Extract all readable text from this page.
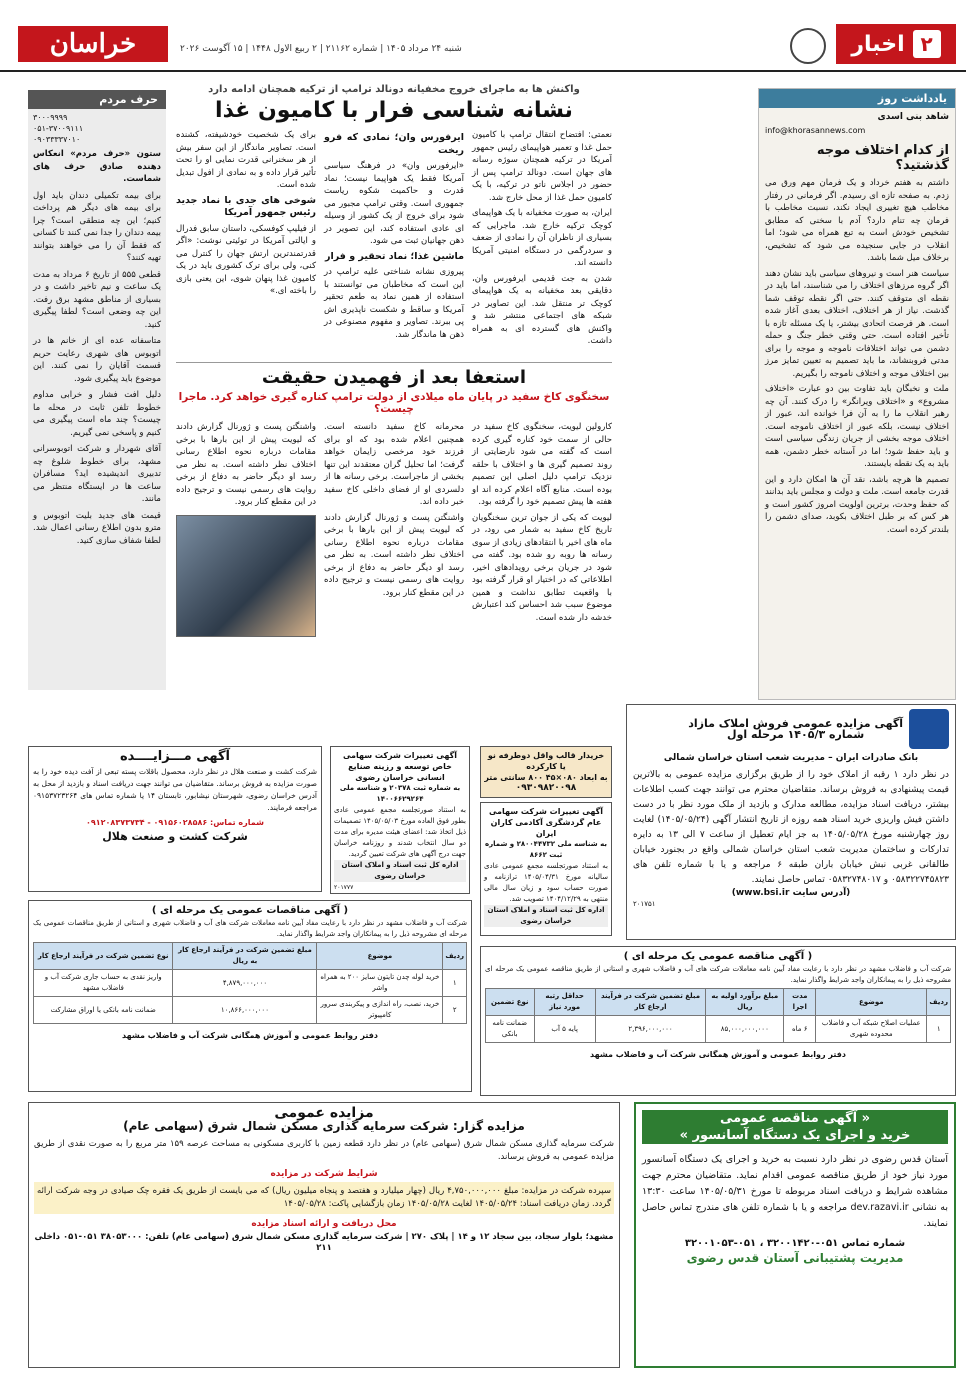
۲
اخبار
خراسان	شنبه ۲۴ مرداد ۱۴۰۵ | شماره ۲۱۱۶۲ | ۲ ربیع الاول ۱۴۴۸ | ۱۵ آگوست ۲۰۲۶
یادداشت روز
شاهد بنی اسدی
info@khorasannews.com
از کدام اختلاف موجه گذشتید؟

داشتم به هفتم خرداد و یک فرمان مهم ورق می زدم. به صفحه تاز‌ه ای رسیدم. اگر فرمانی در رفتار مخاطب هیچ تغییری ایجاد نکند، نسبت مخاطب با فرمان چه تنام دارد؟ آدم با سخنی که مطابق تشخیص خودش است به تبع همراه می شود؛ اما انقلاب در جایی سنجیده می شود که تشخیص، برخلاف میل شما باشد.

سیاست هنر است و نیروهای سیاسی باید نشان دهند اگر گروه مرزهای اختلاف را می شناسند، اما باید در نقطه ای متوقف کنند. حتی اگر نقطه توقف شما گذشت. نیاز از هر اختلاف، اختلاف بعدی آغاز شده است. هر فرصت اتحادی بیشتر، یا یک مسئله تازه با تأخیر افتاده است. حتی وقتی خطر جنگ و حمله دشمن می تواند اختلافات ناموجه و موجه را برای مدتی فروبنشاند، ما باید تصمیم به تعیین تمایز مرز بین اختلاف موجه و اختلاف ناموجه را بگیریم.

ملت و نخبگان باید تفاوت بین دو عبارت «اختلاف مشروع» و «اختلاف ویرانگر» را درک کنند. آن چه رهبر انقلاب ما را به آن فرا خوانده اند، عبور از اختلاف نیست، بلکه عبور از اختلاف ناموجه است. اختلاف موجه بخشی از جریان زندگی سیاسی است و باید حفظ شود؛ اما در آستانه خطر دشمن، همه باید به یک نقطه بایستند.

تصمیم ها هرچه باشد، نقد آن ها امکان دارد و این قدرت جامعه است. ملت و دولت و مجلس باید بدانند که حفظ وحدت، برترین اولویت امروز کشور است و هر کس که بر طبل اختلاف بکوبد، صدای دشمن را بلندتر کرده است.

حرف مردم
۳۰۰۰۹۹۹۹
۰۵۱-۳۷۰۰۹۱۱۱
۰۹۰۳۳۳۳۷۰۱۰

ستون «حرف مردم» انعکاس دهنده صادق حرف های شماست.

برای بیمه تکمیلی دندان باید اول برای بیمه های دیگر هم پرداخت کنیم؛ این چه منطقی است؟ چرا بیمه دندان را جدا نمی کنند تا کسانی که فقط آن را می خواهند بتوانند تهیه کنند؟

قطعی ۵۵۵ از تاریخ ۶ مرداد به مدت یک ساعت و نیم تاخیر داشت و در بسیاری از مناطق مشهد برق رفت. این چه وضعی است؟ لطفا پیگیری کنید.

متاسفانه عده ای از خانم ها در اتوبوس های شهری رعایت حریم قسمت آقایان را نمی کنند. این موضوع باید پیگیری شود.

دلیل افت فشار و خرابی مداوم خطوط تلفن ثابت در محله ما چیست؟ چند ماه است پیگیری می کنیم و پاسخی نمی گیریم.

آقای شهردار و شرکت اتوبوسرانی مشهد، برای خطوط شلوغ چه تدبیری اندیشیده اید؟ مسافران ساعت ها در ایستگاه منتظر می مانند.

قیمت های جدید بلیت اتوبوس و مترو بدون اطلاع رسانی اعمال شد. لطفا شفاف سازی کنید.

واکنش ها به ماجرای خروج مخفیانه دونالد ترامپ از ترکیه همچنان ادامه دارد
نشانه شناسی فرار با کامیون غذا

نعمتی: افتضاح انتقال ترامپ با کامیون حمل غذا و تعمیر هواپیمای رئیس جمهور آمریکا در ترکیه همچنان سوژه رسانه های جهان است. دونالد ترامپ پس از حضور در اجلاس ناتو در ترکیه، با یک کامیون حمل غذا از محل خارج شد.

ایران، به صورت مخفیانه با یک هواپیمای کوچک ترکیه خارج شد. ماجرایی که بسیاری از ناظران آن را نمادی از ضعف و سردرگمی در دستگاه امنیتی آمریکا دانسته اند.

شدن به جت قدیمی ایرفورس وان، دقایقی بعد مخفیانه به یک هواپیمای کوچک تر منتقل شد. این تصاویر در شبکه های اجتماعی منتشر شد و واکنش های گسترده ای به همراه داشت.

ایرفورس وان؛ نمادی که فرو ریخت

«ایرفورس وان» در فرهنگ سیاسی آمریکا فقط یک هواپیما نیست؛ نماد قدرت و حاکمیت شکوه ریاست جمهوری است. وقتی ترامپ مجبور می شود برای خروج از یک کشور از وسیله ای عادی استفاده کند، این تصویر در ذهن جهانیان ثبت می شود.

ماشین غذا؛ نماد تحقیر و فرار

پیروزی نشانه شناختی علیه ترامپ در این است که مخاطبان می توانستند با استفاده از همین نماد به طعم تحقیر آمریکا و ساقط و شکست ناپذیری اش پی ببرند. تصاویر و مفهوم مصنوعی در ذهن ها ماندگار شد.

برای یک شخصیت خودشیفته، کشنده است. تصاویر ماندگار از این سفر بیش از هر سخنرانی قدرت نمایی او را تحت تأثیر قرار داده و به نمادی از افول تبدیل شده است.

شوخی های جدی با نماد جدید رئیس جمهور آمریکا

از فیلیپ کوفسکی، داستان سابق فدرال و ایالتی آمریکا در توئیتی نوشت: «اگر قدرتمندترین ارتش جهان را کنترل می کنی، ولی برای ترک کشوری باید در یک کامیون غذا پنهان شوی، این یعنی بازی را باخته ای.»

استعفا بعد از فهمیدن حقیقت
سخنگوی کاخ سفید در پایان ماه میلادی از دولت ترامپ کناره گیری خواهد کرد. ماجرا چیست؟

کارولین لیویت، سخنگوی کاخ سفید در حالی از سمت خود کناره گیری کرده است که گفته می شود نارضایتی از روند تصمیم گیری ها و اختلاف با حلقه نزدیک ترامپ دلیل اصلی این تصمیم بوده است. منابع آگاه اعلام کرده اند او هفته ها پیش تصمیم خود را گرفته بود.

لیویت که یکی از جوان ترین سخنگویان تاریخ کاخ سفید به شمار می رود، در ماه های اخیر با انتقادهای زیادی از سوی رسانه ها روبه رو شده بود. گفته می شود در جریان برخی رویدادهای اخیر، اطلاعاتی که در اختیار او قرار گرفته بود با واقعیت تطابق نداشت و همین موضوع سبب شد احساس کند اعتبارش خدشه دار شده است.

محرمانه کاخ سفید دانسته است. همچنین اعلام شده بود که او برای فرزند خود مرخصی زایمان خواهد گرفت؛ اما تحلیل گران معتقدند این تنها بخشی از ماجراست. برخی رسانه ها از دلسردی او از فضای داخلی کاخ سفید خبر داده اند.

واشنگتن پست و ژورنال گزارش دادند که لیویت پیش از این بارها با برخی مقامات درباره نحوه اطلاع رسانی اختلاف نظر داشته است. به نظر می رسد او دیگر حاضر به دفاع از برخی روایت های رسمی نیست و ترجیح داده در این مقطع کنار برود.

واشنگتن پست و ژورنال گزارش دادند که لیویت پیش از این بارها با برخی مقامات درباره نحوه اطلاع رسانی اختلاف نظر داشته است. به نظر می رسد او دیگر حاضر به دفاع از برخی روایت های رسمی نیست و ترجیح داده در این مقطع کنار برود.

آگهی مزایده عمومی فروش املاک مازاد
شماره ۱۴۰۵/۳ مرحله اول
بانک صادرات ایران – مدیریت شعب استان خراسان شمالی
در نظر دارد ۱ رقبه از املاک خود را از طریق برگزاری مزایده عمومی به بالاترین قیمت پیشنهادی به فروش برساند. متقاضیان محترم می توانند جهت کسب اطلاعات بیشتر، دریافت اسناد مزایده، مطالعه مدارک و بازدید از ملک مورد نظر با در دست داشتن فیش واریزی خرید اسناد همه روزه از تاریخ انتشار آگهی (۱۴۰۵/۰۵/۲۴) لغایت روز چهارشنبه مورخ ۱۴۰۵/۰۵/۲۸ به جز ایام تعطیل از ساعت ۷ الی ۱۳ به دایره تدارکات و ساختمان مدیریت شعب استان خراسان شمالی واقع در بجنورد خیابان طالقانی غربی نبش خیابان باران طبقه ۶ مراجعه و یا با شماره تلفن های ۰۵۸۳۲۲۷۴۵۸۲۳ و ۰۵۸۳۲۷۴۸۰۱۷ تماس حاصل نمایند.
(آدرس سایت www.bsi.ir)
۲۰۱۷۵۱
آگهی تغییرات شرکت سهامی خاص توسعه و رزینه صنایع انسانی خراسان رضوی
به شماره ثبت ۲۰۳۷۸ و شناسه ملی ۱۴۰۰۶۶۲۹۲۶۴
به استناد صورتجلسه مجمع عمومی عادی بطور فوق العاده مورخ ۱۴۰۵/۰۵/۰۳ تصمیمات ذیل اتخاذ شد: اعضای هیئت مدیره برای مدت دو سال انتخاب شدند و روزنامه خراسان جهت درج آگهی های شرکت تعیین گردید.
اداره کل ثبت اسناد و املاک استان خراسان رضوی
۲۰۱۷۷۷
خریدار قالب واقل دوطرفه نو یا کارکرده
به ابعاد ۰۸۰×۴۵ ۸۰۰ سانتی متر
۰۹۳۰۹۸۲۰۰۹۸
آگهی تغییرات شرکت سهامی عام گردشگری آکادمی کاران ایران
به شناسه ملی ۲۸۰۰۴۴۷۳۲ و شماره ثبت ۸۶۶۲
به استناد صورتجلسه مجمع عمومی عادی سالیانه مورخ ۱۴۰۵/۰۴/۳۱ ترازنامه و صورت حساب سود و زیان سال مالی منتهی به ۱۴۰۴/۱۲/۲۹ تصویب شد.
اداره کل ثبت اسناد و املاک استان خراسان رضوی
آگهی مـــزایــــده
شرکت کشت و صنعت هلال در نظر دارد، محصول باقلات پسته تبعی از آفت دیده خود را به صورت مزایده به فروش برساند. متقاضیان می توانند جهت دریافت اسناد و بازدید از محل به آدرس خراسان رضوی، شهرستان نیشابور، تابستان ۱۴ یا شماره تماس های ۰۹۱۵۳۷۲۳۲۶۴ مراجعه فرمایند.
شماره تماس: ۰۹۱۵۶۰۲۸۵۸۶ - ۰۹۱۲۰۸۳۷۳۷۳۴
شرکت کشت و صنعت هلال
( آگهی مناقصات عمومی یک مرحله ای )
شرکت آب و فاضلاب مشهد در نظر دارد با رعایت مفاد آیین نامه معاملات شرکت های آب و فاضلاب شهری و استانی از طریق مناقصات عمومی یک مرحله ای مشروحه ذیل را به پیمانکاران واجد شرایط واگذار نماید.
ردیف	موضوع	مبلغ تضمین شرکت در فرآیند ارجاع کار به ریال	نوع تضمین شرکت در فرآیند ارجاع کار
۱	خرید لوله چدن تایتون سایز ۲۰۰ به همراه واشر	۴,۸۷۹,۰۰۰,۰۰۰	واریز نقدی به حساب جاری شرکت آب و فاضلاب مشهد
۲	خرید، نصب، راه اندازی و پیکربندی سرور کامپیوتر	۱۰,۸۶۶,۰۰۰,۰۰۰	ضمانت نامه بانکی یا اوراق مشارکت
دفتر روابط عمومی و آموزش همگانی شرکت آب و فاضلاب مشهد
( آگهی مناقصه عمومی یک مرحله ای )
شرکت آب و فاضلاب مشهد در نظر دارد با رعایت مفاد آیین نامه معاملات شرکت های آب و فاضلاب شهری و استانی از طریق مناقصه عمومی یک مرحله ای مشروحه ذیل را به پیمانکاران واجد شرایط واگذار نماید.
ردیف	موضوع	مدت اجرا	مبلغ برآورد اولیه به ریال	مبلغ تضمین شرکت در فرآیند ارجاع کار	حداقل رتبه مورد نیاز	نوع تضمین
۱	عملیات اصلاح شبکه آب و فاضلاب محدوده شهری	۶ ماه	۸۵,۰۰۰,۰۰۰,۰۰۰	۲,۳۹۶,۰۰۰,۰۰۰	پایه ۵ آب	ضمانت نامه بانکی
دفتر روابط عمومی و آموزش همگانی شرکت آب و فاضلاب مشهد
مزایده عمومی
مزایده گزار: شرکت سرمایه گذاری مسکن شمال شرق (سهامی عام)
شرکت سرمایه گذاری مسکن شمال شرق (سهامی عام) در نظر دارد قطعه زمین با کاربری مسکونی به مساحت عرصه ۱۵۹ متر مربع را به صورت نقدی از طریق مزایده عمومی به فروش برساند.
شرایط شرکت در مزایده
سپرده شرکت در مزایده: مبلغ ۴,۷۵۰,۰۰۰,۰۰۰ ریال (چهار میلیارد و هفتصد و پنجاه میلیون ریال) که می بایست از طریق یک فقره چک صیادی در وجه شرکت ارائه گردد. زمان دریافت اسناد: ۱۴۰۵/۰۵/۲۴ لغایت ۱۴۰۵/۰۵/۲۸ زمان بازگشایی پاکت: ۱۴۰۵/۰۵/۲۸
محل دریافت و ارائه اسناد مزایده
مشهد؛ بلوار سجاد، بین سجاد ۱۲ و ۱۴ | پلاک ۲۷۰ | شرکت سرمایه گذاری مسکن شمال شرق (سهامی عام) تلفن: ۳۸۰۵۳۰۰۰ ۰۵۱-۰۵۱ داخلی ۲۱۱
« آگهی مناقصه عمومی
خرید و اجرای یک دستگاه آسانسور »
آستان قدس رضوی در نظر دارد نسبت به خرید و اجرای یک دستگاه آسانسور مورد نیاز خود از طریق مناقصه عمومی اقدام نماید. متقاضیان محترم جهت مشاهده شرایط و دریافت اسناد مربوطه تا مورخ ۱۴۰۵/۰۵/۳۱ ساعت ۱۳:۳۰ به نشانی dev.razavi.ir مراجعه و یا با شماره تلفن های مندرج تماس حاصل نمایند.
شماره تماس ۰۵۱-۳۲۰۰۱۴۲۰ ، ۰۵۱-۳۲۰۰۱۰۵۳
مدیریت پشتیبانی آستان قدس رضوی
